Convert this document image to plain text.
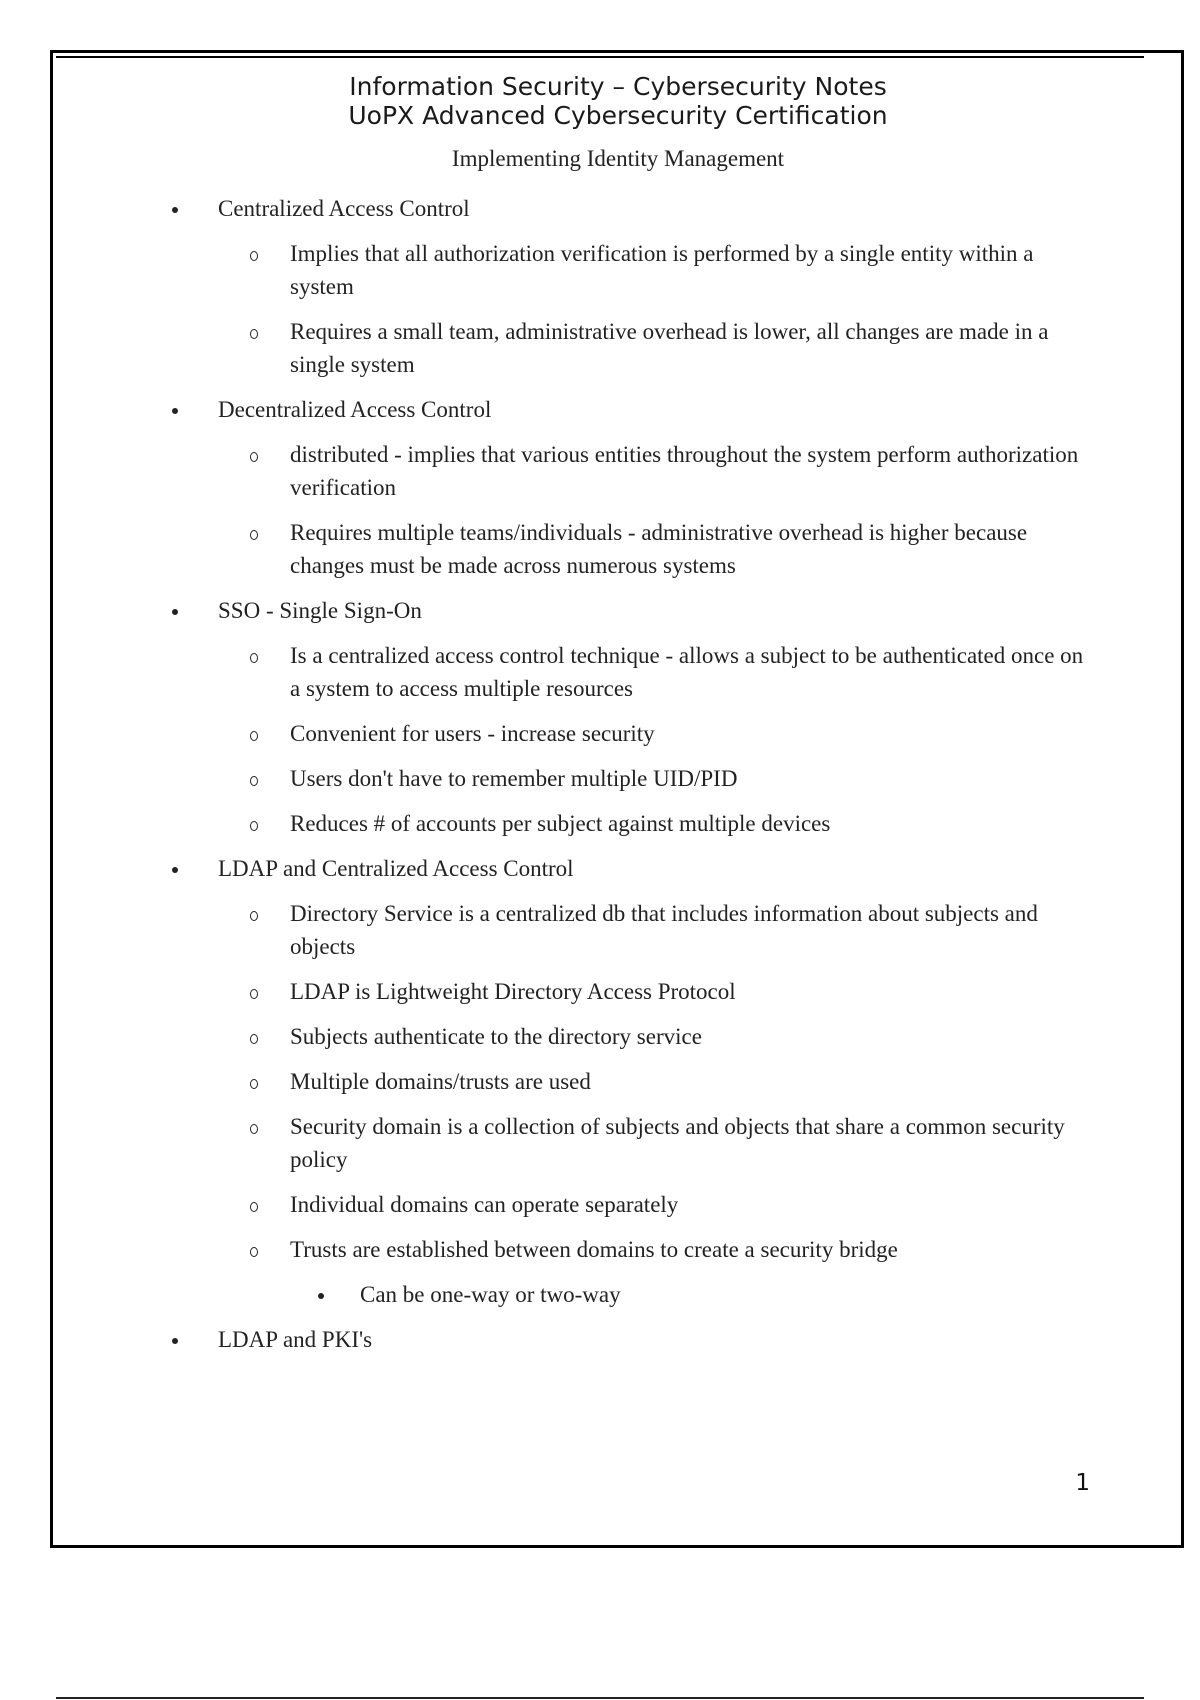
Information Security – Cybersecurity Notes
UoPX Advanced Cybersecurity Certification
Implementing Identity Management
Centralized Access Control
Implies that all authorization verification is performed by a single entity within a system
Requires a small team, administrative overhead is lower, all changes are made in a single system
Decentralized Access Control
distributed - implies that various entities throughout the system perform authorization verification
Requires multiple teams/individuals - administrative overhead is higher because changes must be made across numerous systems
SSO - Single Sign-On
Is a centralized access control technique - allows a subject to be authenticated once on a system to access multiple resources
Convenient for users - increase security
Users don't have to remember multiple UID/PID
Reduces # of accounts per subject against multiple devices
LDAP and Centralized Access Control
Directory Service is a centralized db that includes information about subjects and objects
LDAP is Lightweight Directory Access Protocol
Subjects authenticate to the directory service
Multiple domains/trusts are used
Security domain is a collection of subjects and objects that share a common security policy
Individual domains can operate separately
Trusts are established between domains to create a security bridge
Can be one-way or two-way
LDAP and PKI's
1
